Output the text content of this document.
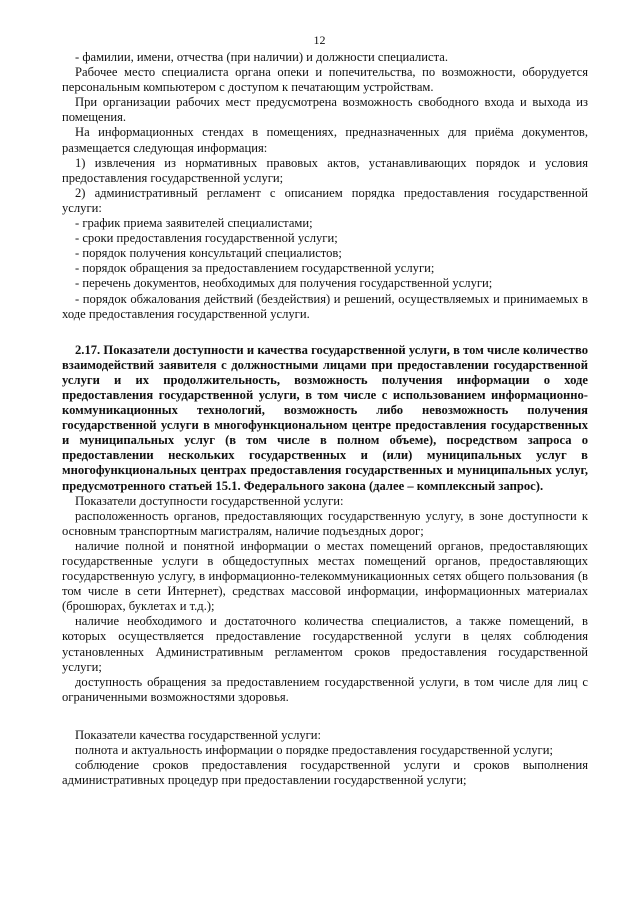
12

- фамилии, имени, отчества (при наличии) и должности специалиста.

Рабочее место специалиста органа опеки и попечительства, по возможности, оборудуется персональным компьютером с доступом к печатающим устройствам.

При организации рабочих мест предусмотрена возможность свободного входа и выхода из помещения.

На информационных стендах в помещениях, предназначенных для приёма документов, размещается следующая информация:

1) извлечения из нормативных правовых актов, устанавливающих порядок и условия предоставления государственной услуги;

2) административный регламент с описанием порядка предоставления государственной услуги:

- график приема заявителей специалистами;

- сроки предоставления государственной услуги;

- порядок получения консультаций специалистов;

- порядок обращения за предоставлением государственной услуги;

- перечень документов, необходимых для получения государственной услуги;

- порядок обжалования действий (бездействия) и решений, осуществляемых и принимаемых в ходе предоставления государственной услуги.

2.17. Показатели доступности и качества государственной услуги, в том числе количество взаимодействий заявителя с должностными лицами при предоставлении государственной услуги и их продолжительность, возможность получения информации о ходе предоставления государственной услуги, в том числе с использованием информационно-коммуникационных технологий, возможность либо невозможность получения государственной услуги в многофункциональном центре предоставления государственных и муниципальных услуг (в том числе в полном объеме), посредством запроса о предоставлении нескольких государственных и (или) муниципальных услуг в многофункциональных центрах предоставления государственных и муниципальных услуг, предусмотренного статьей 15.1. Федерального закона (далее – комплексный запрос).

Показатели доступности государственной услуги:

расположенность органов, предоставляющих государственную услугу, в зоне доступности к основным транспортным магистралям, наличие подъездных дорог;

наличие полной и понятной информации о местах помещений органов, предоставляющих государственные услуги в общедоступных местах помещений органов, предоставляющих государственную услугу, в информационно-телекоммуникационных сетях общего пользования (в том числе в сети Интернет), средствах массовой информации, информационных материалах (брошюрах, буклетах и т.д.);

наличие необходимого и достаточного количества специалистов, а также помещений, в которых осуществляется предоставление государственной услуги в целях соблюдения установленных Административным регламентом сроков предоставления государственной услуги;

доступность обращения за предоставлением государственной услуги, в том числе для лиц с ограниченными возможностями здоровья.

Показатели качества государственной услуги:

полнота и актуальность информации о порядке предоставления государственной услуги;

соблюдение сроков предоставления государственной услуги и сроков выполнения административных процедур при предоставлении государственной услуги;
